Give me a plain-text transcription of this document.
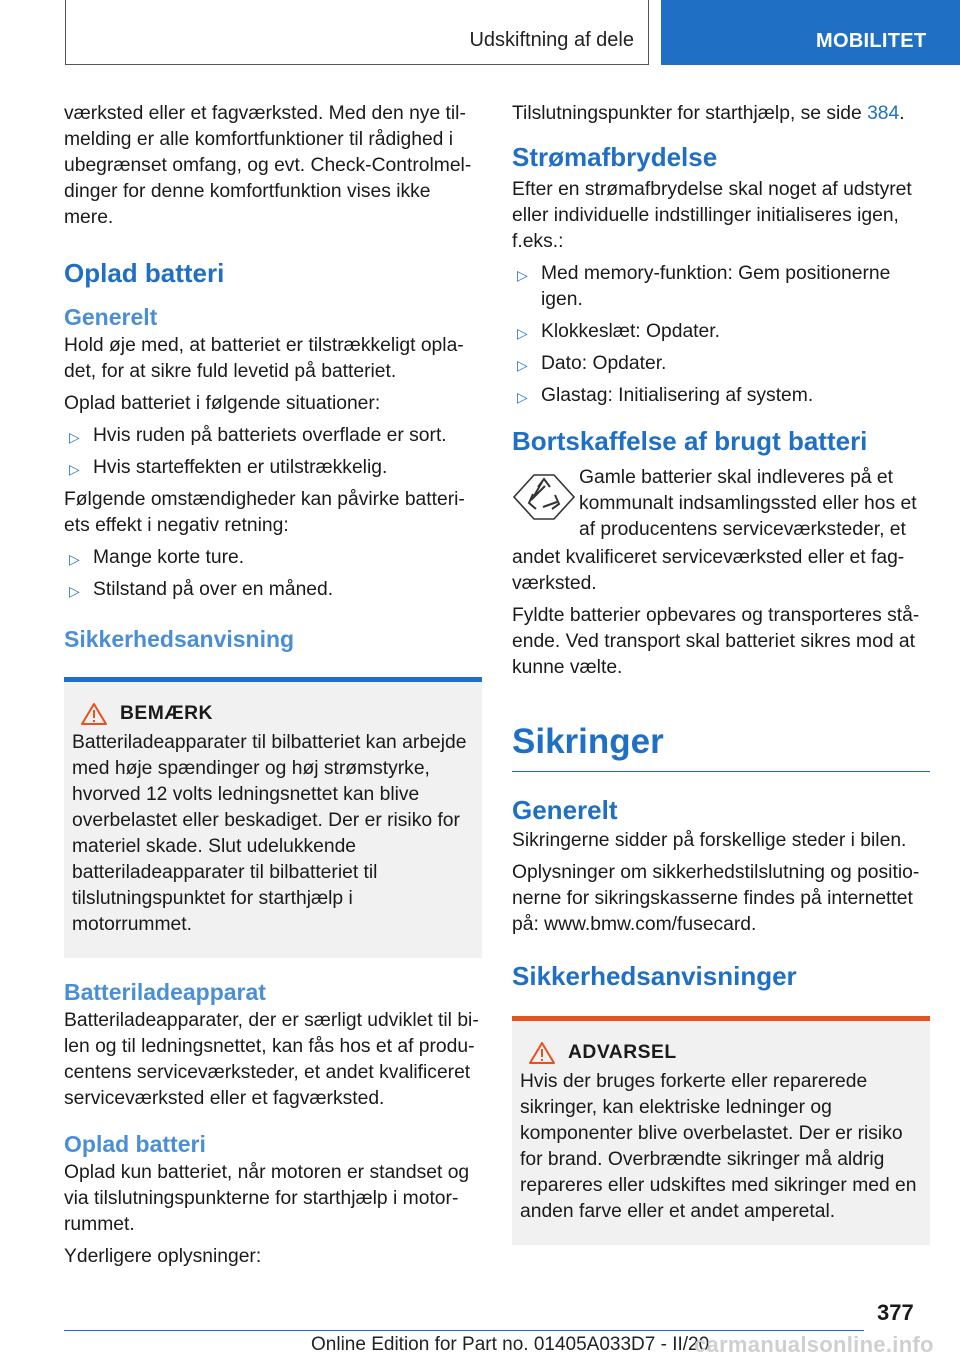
Udskiftning af dele	MOBILITET

værksted eller et fagværksted. Med den nye tilmelding er alle komfortfunktioner til rådighed i ubegrænset omfang, og evt. Check-Controlmeldinger for denne komfortfunktion vises ikke mere.

Oplad batteri
Generelt

Hold øje med, at batteriet er tilstrækkeligt opladet, for at sikre fuld levetid på batteriet.

Oplad batteriet i følgende situationer:

▷ Hvis ruden på batteriets overflade er sort.
▷ Hvis starteffekten er utilstrækkelig.

Følgende omstændigheder kan påvirke batteriets effekt i negativ retning:

▷ Mange korte ture.
▷ Stilstand på over en måned.
Sikkerhedsanvisning
BEMÆRK

Batteriladeapparater til bilbatteriet kan arbejde med høje spændinger og høj strømstyrke, hvorved 12 volts ledningsnettet kan blive overbelastet eller beskadiget. Der er risiko for materiel skade. Slut udelukkende batteriladeapparater til bilbatteriet til tilslutningspunktet for starthjælp i motorrummet.

Batteriladeapparat

Batteriladeapparater, der er særligt udviklet til bilen og til ledningsnettet, kan fås hos et af producentens serviceværksteder, et andet kvalificeret serviceværksted eller et fagværksted.

Oplad batteri

Oplad kun batteriet, når motoren er standset og via tilslutningspunkterne for starthjælp i motorrummet.

Yderligere oplysninger:

Tilslutningspunkter for starthjælp, se side 384.

Strømafbrydelse

Efter en strømafbrydelse skal noget af udstyret eller individuelle indstillinger initialiseres igen, f.eks.:

▷ Med memory-funktion: Gem positionerne igen.
▷ Klokkeslæt: Opdater.
▷ Dato: Opdater.
▷ Glastag: Initialisering af system.
Bortskaffelse af brugt batteri
Gamle batterier skal indleveres på et kommunalt indsamlingssted eller hos et af producentens serviceværksteder, et

andet kvalificeret serviceværksted eller et fagværksted.

Fyldte batterier opbevares og transporteres stående. Ved transport skal batteriet sikres mod at kunne vælte.

Sikringer
Generelt

Sikringerne sidder på forskellige steder i bilen.

Oplysninger om sikkerhedstilslutning og positionerne for sikringskasserne findes på internettet på: www.bmw.com/fusecard.

Sikkerhedsanvisninger
ADVARSEL

Hvis der bruges forkerte eller reparerede sikringer, kan elektriske ledninger og komponenter blive overbelastet. Der er risiko for brand. Overbrændte sikringer må aldrig repareres eller udskiftes med sikringer med en anden farve eller et andet amperetal.

377
Online Edition for Part no. 01405A033D7 - II/20
carmanualsonline.info
